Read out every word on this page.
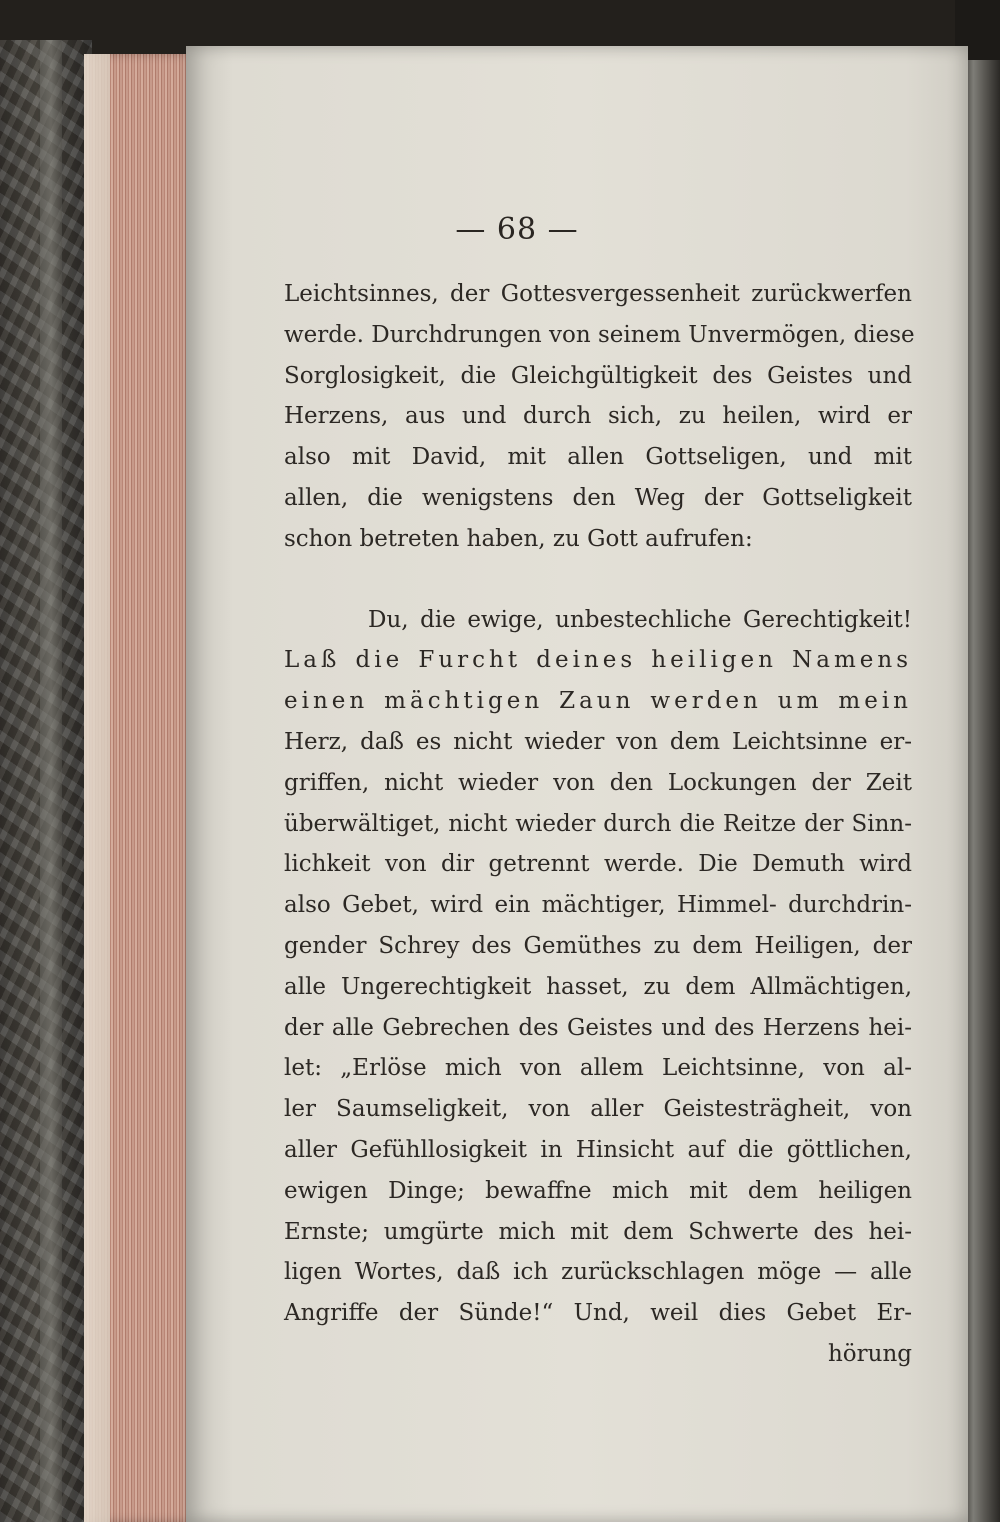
— 68 —
Leichtsinnes, der Gottesvergessenheit zurückwerfen
werde. Durchdrungen von seinem Unvermögen, diese
Sorglosigkeit, die Gleichgültigkeit des Geistes und
Herzens, aus und durch sich, zu heilen, wird er
also mit David, mit allen Gottseligen, und mit
allen, die wenigstens den Weg der Gottseligkeit
schon betreten haben, zu Gott aufrufen:
Du, die ewige, unbestechliche Gerechtigkeit!
Laß die Furcht deines heiligen Namens
einen mächtigen Zaun werden um mein
Herz, daß es nicht wieder von dem Leichtsinne er-
griffen, nicht wieder von den Lockungen der Zeit
überwältiget, nicht wieder durch die Reitze der Sinn-
lichkeit von dir getrennt werde. Die Demuth wird
also Gebet, wird ein mächtiger, Himmel- durchdrin-
gender Schrey des Gemüthes zu dem Heiligen, der
alle Ungerechtigkeit hasset, zu dem Allmächtigen,
der alle Gebrechen des Geistes und des Herzens hei-
let: „Erlöse mich von allem Leichtsinne, von al-
ler Saumseligkeit, von aller Geistesträgheit, von
aller Gefühllosigkeit in Hinsicht auf die göttlichen,
ewigen Dinge; bewaffne mich mit dem heiligen
Ernste; umgürte mich mit dem Schwerte des hei-
ligen Wortes, daß ich zurückschlagen möge — alle
Angriffe der Sünde!“ Und, weil dies Gebet Er-
hörung
